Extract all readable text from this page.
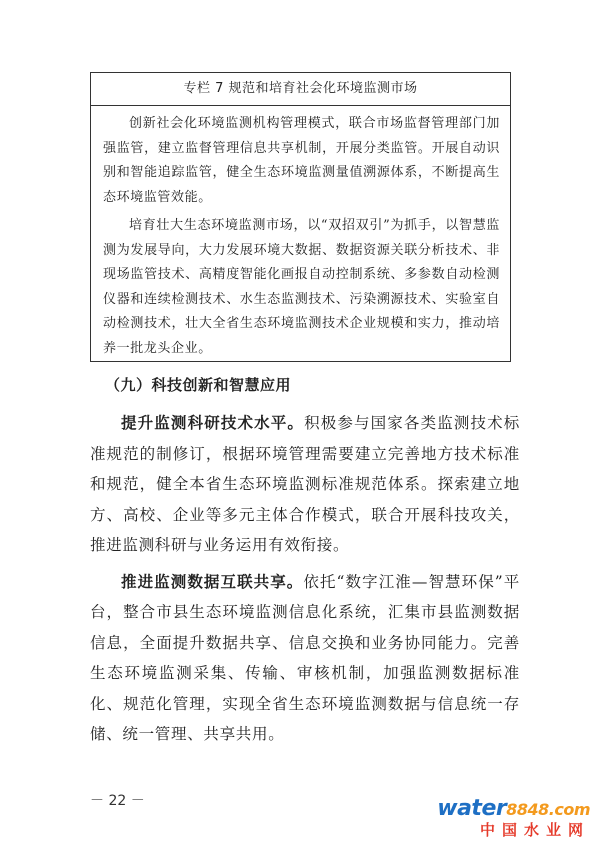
专栏 7 规范和培育社会化环境监测市场

创新社会化环境监测机构管理模式，联合市场监督管理部门加强监管，建立监督管理信息共享机制，开展分类监管。开展自动识别和智能追踪监管，健全生态环境监测量值溯源体系，不断提高生态环境监管效能。

培育壮大生态环境监测市场，以“双招双引”为抓手，以智慧监测为发展导向，大力发展环境大数据、数据资源关联分析技术、非现场监管技术、高精度智能化画报自动控制系统、多参数自动检测仪器和连续检测技术、水生态监测技术、污染溯源技术、实验室自动检测技术，壮大全省生态环境监测技术企业规模和实力，推动培养一批龙头企业。

（九）科技创新和智慧应用

提升监测科研技术水平。积极参与国家各类监测技术标准规范的制修订，根据环境管理需要建立完善地方技术标准和规范，健全本省生态环境监测标准规范体系。探索建立地方、高校、企业等多元主体合作模式，联合开展科技攻关，推进监测科研与业务运用有效衔接。

推进监测数据互联共享。依托“数字江淮—智慧环保”平台，整合市县生态环境监测信息化系统，汇集市县监测数据信息，全面提升数据共享、信息交换和业务协同能力。完善生态环境监测采集、传输、审核机制，加强监测数据标准化、规范化管理，实现全省生态环境监测数据与信息统一存储、统一管理、共享共用。

－ 22 －	water8848.com
中国水业网
